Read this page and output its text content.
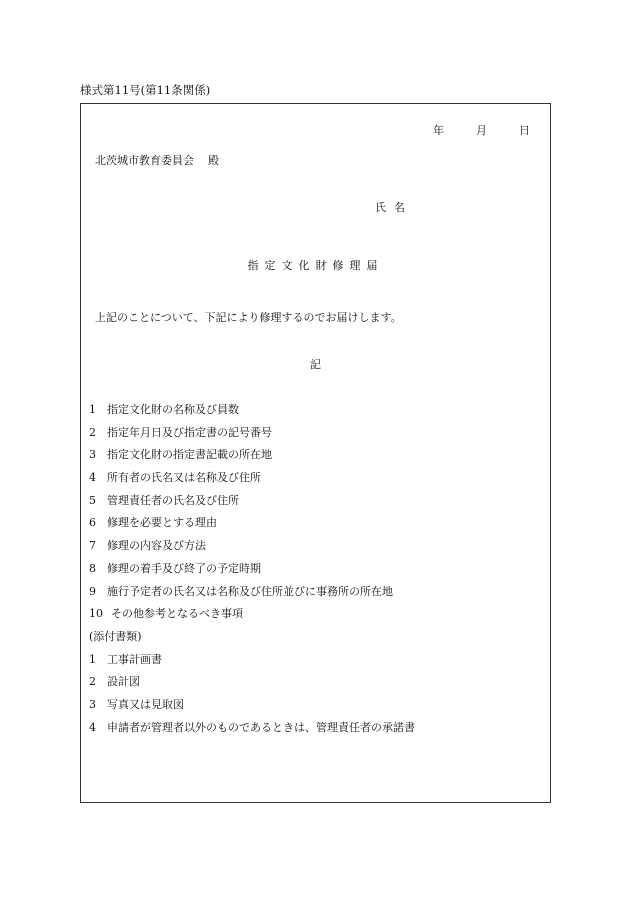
様式第11号(第11条関係)
年	月	日
北茨城市教育委員会 殿
氏名
指定文化財修理届
上記のことについて、下記により修理するのでお届けします。
記
1 指定文化財の名称及び員数
2 指定年月日及び指定書の記号番号
3 指定文化財の指定書記載の所在地
4 所有者の氏名又は名称及び住所
5 管理責任者の氏名及び住所
6 修理を必要とする理由
7 修理の内容及び方法
8 修理の着手及び終了の予定時期
9 施行予定者の氏名又は名称及び住所並びに事務所の所在地
10 その他参考となるべき事項
(添付書類)
1 工事計画書
2 設計図
3 写真又は見取図
4 申請者が管理者以外のものであるときは、管理責任者の承諾書
